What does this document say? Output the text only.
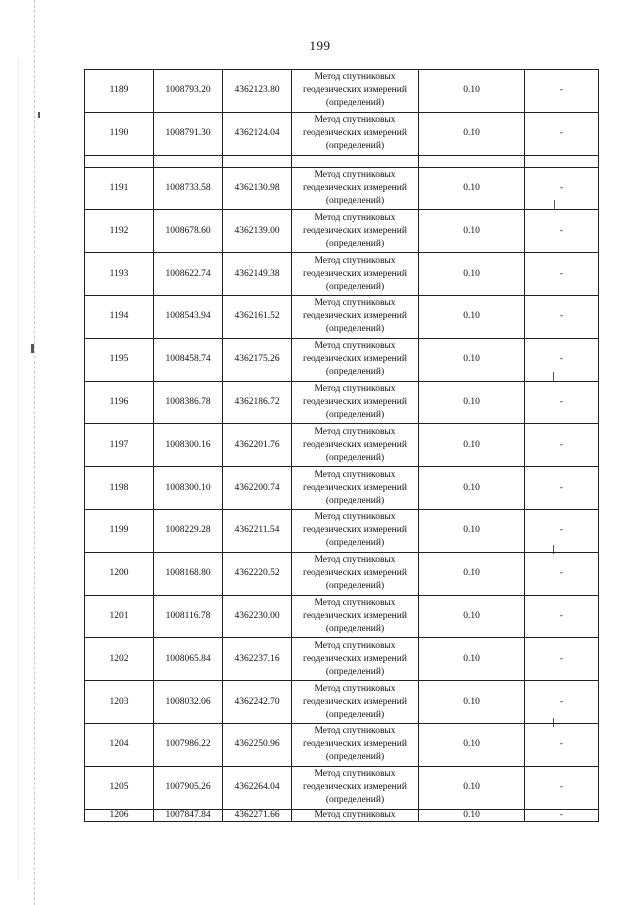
199
1189	1008793.20	4362123.80	Метод спутниковых геодезических измерений (определений)	0.10	-
1190	1008791.30	4362124.04	Метод спутниковых геодезических измерений (определений)	0.10	-

1191	1008733.58	4362130.98	Метод спутниковых геодезических измерений (определений)	0.10	-
1192	1008678.60	4362139.00	Метод спутниковых геодезических измерений (определений)	0.10	-
1193	1008622.74	4362149.38	Метод спутниковых геодезических измерений (определений)	0.10	-
1194	1008543.94	4362161.52	Метод спутниковых геодезических измерений (определений)	0.10	-
1195	1008458.74	4362175.26	Метод спутниковых геодезических измерений (определений)	0.10	-
1196	1008386.78	4362186.72	Метод спутниковых геодезических измерений (определений)	0.10	-
1197	1008300.16	4362201.76	Метод спутниковых геодезических измерений (определений)	0.10	-
1198	1008300.10	4362200.74	Метод спутниковых геодезических измерений (определений)	0.10	-
1199	1008229.28	4362211.54	Метод спутниковых геодезических измерений (определений)	0.10	-
1200	1008168.80	4362220.52	Метод спутниковых геодезических измерений (определений)	0.10	-
1201	1008116.78	4362230.00	Метод спутниковых геодезических измерений (определений)	0.10	-
1202	1008065.84	4362237.16	Метод спутниковых геодезических измерений (определений)	0.10	-
1203	1008032.06	4362242.70	Метод спутниковых геодезических измерений (определений)	0.10	-
1204	1007986.22	4362250.96	Метод спутниковых геодезических измерений (определений)	0.10	-
1205	1007905.26	4362264.04	Метод спутниковых геодезических измерений (определений)	0.10	-
1206	1007847.84	4362271.66	Метод спутниковых	0.10	-
